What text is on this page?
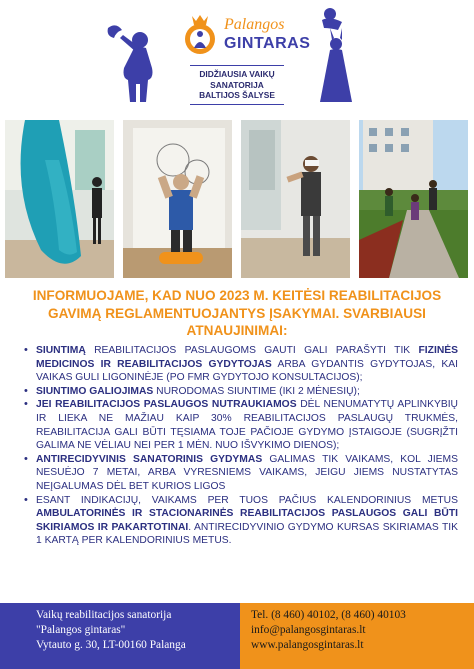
Palangos
GINTARAS
DIDŽIAUSIA VAIKŲ
SANATORIJA
BALTIJOS ŠALYSE
INFORMUOJAME, KAD NUO 2023 M. KEITĖSI REABILITACIJOS
GAVIMĄ REGLAMENTUOJANTYS ĮSAKYMAI. SVARBIAUSI
ATNAUJINIMAI:
• SIUNTIMĄ REABILITACIJOS PASLAUGOMS GAUTI GALI PARAŠYTI TIK FIZINĖS MEDICINOS IR REABILITACIJOS GYDYTOJAS ARBA GYDANTIS GYDYTOJAS, KAI VAIKAS GULI LIGONINĖJE (PO FMR GYDYTOJO KONSULTACIJOS);
• SIUNTIMO GALIOJIMAS NURODOMAS SIUNTIME (IKI 2 MĖNESIŲ);
• JEI REABILITACIJOS PASLAUGOS NUTRAUKIAMOS DĖL NENUMATYTŲ APLINKYBIŲ IR LIEKA NE MAŽIAU KAIP 30% REABILITACIJOS PASLAUGŲ TRUKMĖS, REABILITACIJA GALI BŪTI TĘSIAMA TOJE PAČIOJE GYDYMO ĮSTAIGOJE (SUGRĮŽTI GALIMA NE VĖLIAU NEI PER 1 MĖN. NUO IŠVYKIMO DIENOS);
• ANTIRECIDYVINIS SANATORINIS GYDYMAS GALIMAS TIK VAIKAMS, KOL JIEMS NESUĖJO 7 METAI, ARBA VYRESNIEMS VAIKAMS, JEIGU JIEMS NUSTATYTAS NEĮGALUMAS DĖL BET KURIOS LIGOS
• ESANT INDIKACIJŲ, VAIKAMS PER TUOS PAČIUS KALENDORINIUS METUS AMBULATORINĖS IR STACIONARINĖS REABILITACIJOS PASLAUGOS GALI BŪTI SKIRIAMOS IR PAKARTOTINAI. ANTIRECIDYVINIO GYDYMO KURSAS SKIRIAMAS TIK 1 KARTĄ PER KALENDORINIUS METUS.
Vaikų reabilitacijos sanatorija
"Palangos gintaras"
Vytauto g. 30, LT-00160 Palanga
Tel. (8 460) 40102, (8 460) 40103
info@palangosgintaras.lt
www.palangosgintaras.lt
